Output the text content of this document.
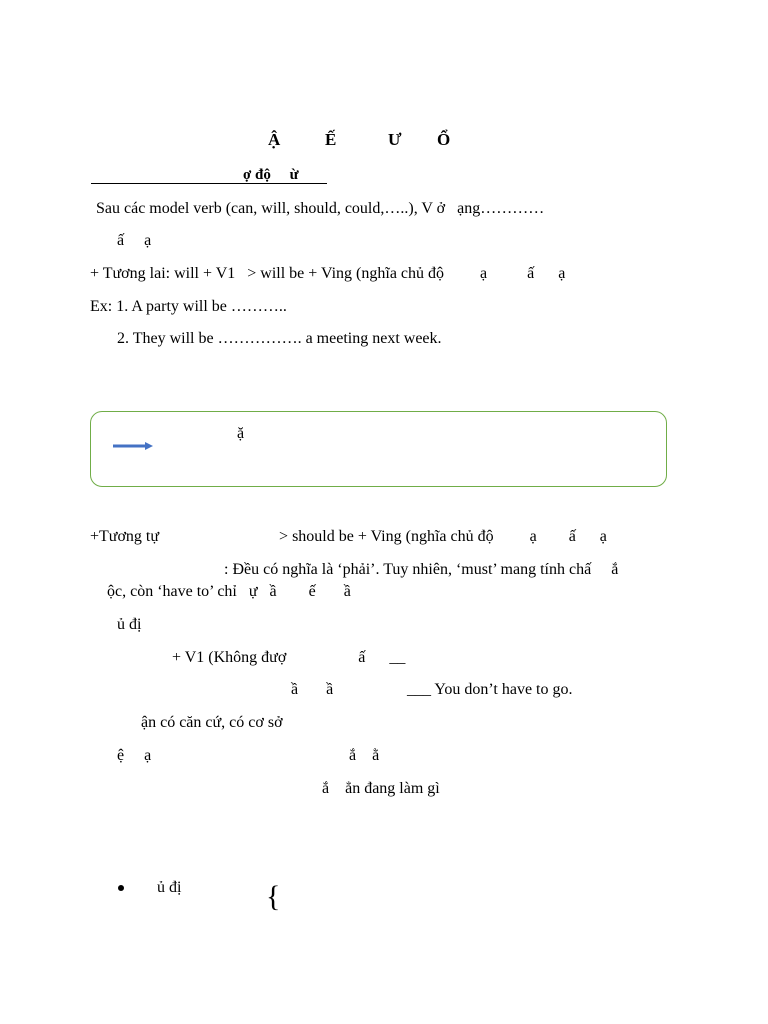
Ậ	Ế	Ư Ổ
ợ độ     ừ
Sau các model verb (can, will, should, could,…..), V ở   ạng…………
ấ     ạ
+ Tương lai: will + V1   > will be + Ving (nghĩa chủ độ         ạ          ấ      ạ
Ex: 1. A party will be ………..
2. They will be ……………. a meeting next week.
ặ
+Tương tự                              > should be + Ving (nghĩa chủ độ         ạ        ấ      ạ
: Đều có nghĩa là ‘phải’. Tuy nhiên, ‘must’ mang tính chấ     ắ
ộc, còn ‘have to’ chỉ   ự   ầ        ế       ầ
ủ đị
+ V1 (Không đượ                  ấ      __
ầ       ầ	___ You don’t have to go.
ận có căn cứ, có cơ sở
ệ     ạ	ắ    ằ
ắ    ẳn đang làm gì
ủ đị	{
